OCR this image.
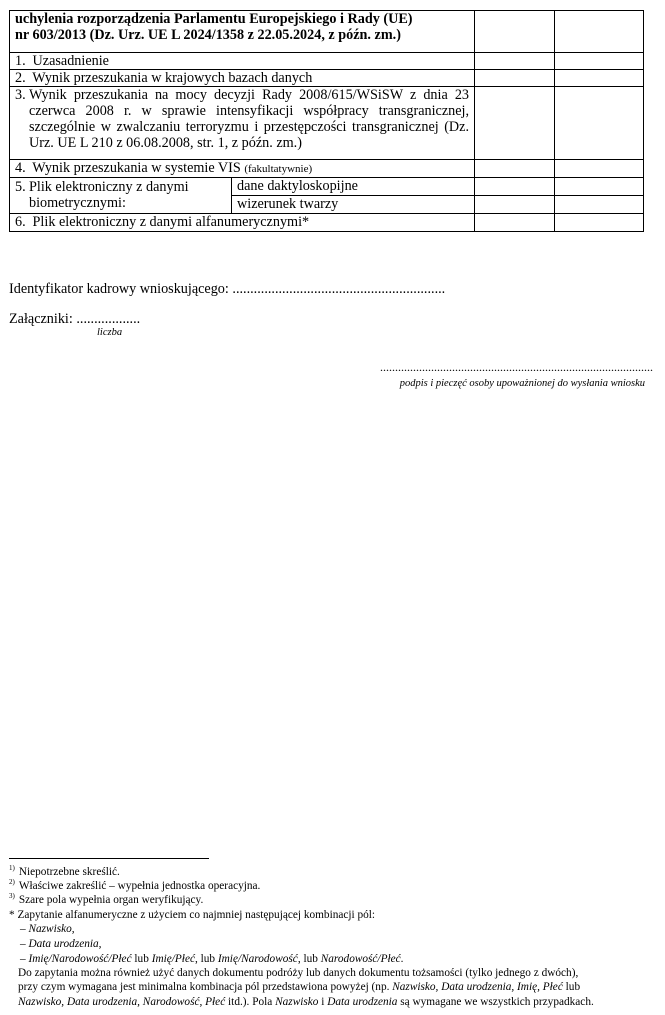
uchylenia rozporządzenia Parlamentu Europejskiego i Rady (UE)
nr 603/2013 (Dz. Urz. UE L 2024/1358 z 22.05.2024, z późn. zm.)			
1. Uzasadnienie			
2. Wynik przeszukania w krajowych bazach danych			

3. Wynik przeszukania na mocy decyzji Rady 2008/615/WSiSW z dnia 23 czerwca 2008 r. w sprawie intensyfikacji współpracy transgranicznej, szczególnie w zwalczaniu terroryzmu i przestępczości transgranicznej (Dz. Urz. UE L 210 z 06.08.2008, str. 1, z późn. zm.)			

4. Wynik przeszukania w systemie VIS (fakultatywnie)			

5. Plik elektroniczny z danymi biometrycznymi:	dane daktyloskopijne		
	wizerunek twarzy		
6. Plik elektroniczny z danymi alfanumerycznymi*			
Identyfikator kadrowy wnioskującego: ............................................................
Załączniki: ..................
liczba
...........................................................................................
podpis i pieczęć osoby upoważnionej do wysłania wniosku
$^{1)}$ Niepotrzebne skreślić.
$^{2)}$ Właściwe zakreślić – wypełnia jednostka operacyjna.
$^{3)}$ Szare pola wypełnia organ weryfikujący.
* Zapytanie alfanumeryczne z użyciem co najmniej następującej kombinacji pól:
– Nazwisko,
– Data urodzenia,
– Imię/Narodowość/Płeć lub Imię/Płeć, lub Imię/Narodowość, lub Narodowość/Płeć.
Do zapytania można również użyć danych dokumentu podróży lub danych dokumentu tożsamości (tylko jednego z dwóch),
przy czym wymagana jest minimalna kombinacja pól przedstawiona powyżej (np. Nazwisko, Data urodzenia, Imię, Płeć lub
Nazwisko, Data urodzenia, Narodowość, Płeć itd.). Pola Nazwisko i Data urodzenia są wymagane we wszystkich przypadkach.
